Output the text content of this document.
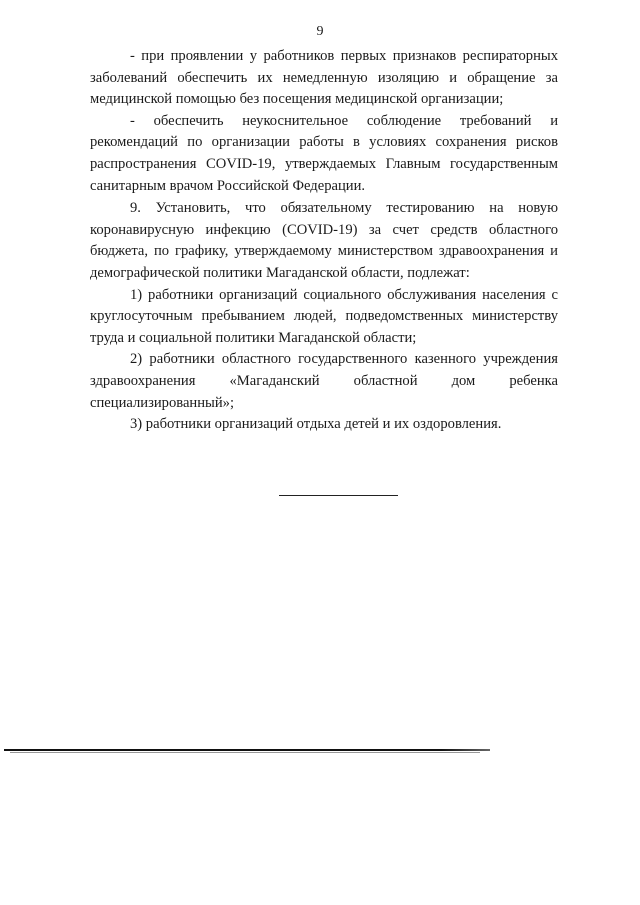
9

- при проявлении у работников первых признаков респираторных заболеваний обеспечить их немедленную изоляцию и обращение за медицинской помощью без посещения медицинской организации;

- обеспечить неукоснительное соблюдение требований и рекомендаций по организации работы в условиях сохранения рисков распространения COVID-19, утверждаемых Главным государственным санитарным врачом Российской Федерации.

9. Установить, что обязательному тестированию на новую коронавирусную инфекцию (COVID-19) за счет средств областного бюджета, по графику, утверждаемому министерством здравоохранения и демографической политики Магаданской области, подлежат:

1) работники организаций социального обслуживания населения с круглосуточным пребыванием людей, подведомственных министерству труда и социальной политики Магаданской области;

2) работники областного государственного казенного учреждения здравоохранения «Магаданский областной дом ребенка специализированный»;

3) работники организаций отдыха детей и их оздоровления.
